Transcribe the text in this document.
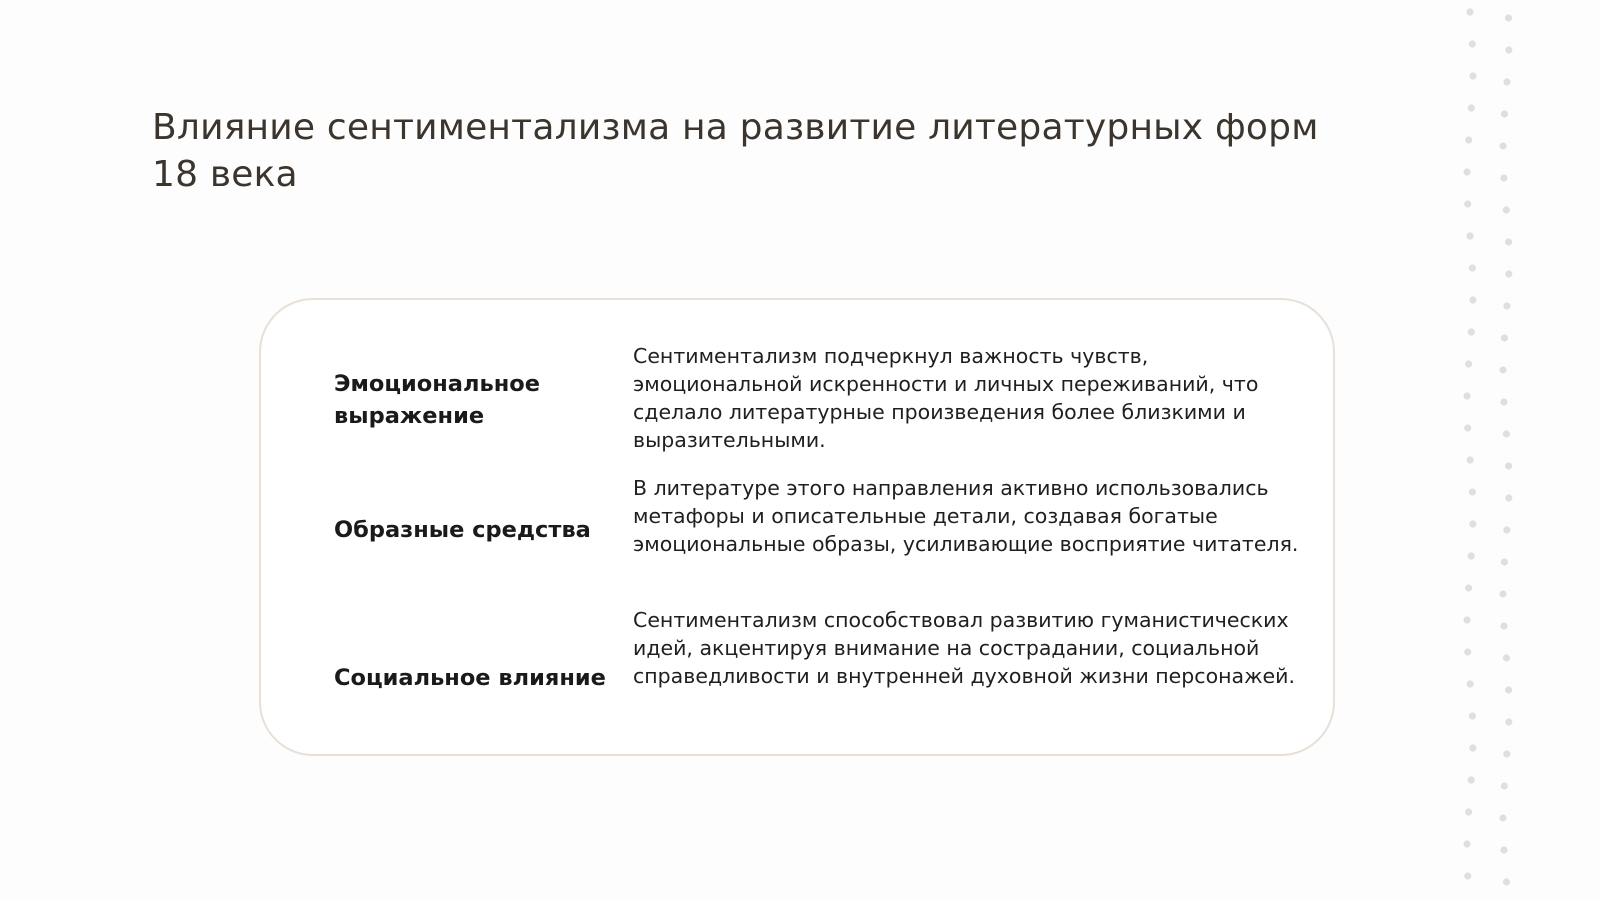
Влияние сентиментализма на развитие литературных форм 18 века

Эмоциональное выражение

Сентиментализм подчеркнул важность чувств, эмоциональной искренности и личных переживаний, что сделало литературные произведения более близкими и выразительными.

Образные средства

В литературе этого направления активно использовались метафоры и описательные детали, создавая богатые эмоциональные образы, усиливающие восприятие читателя.

Социальное влияние

Сентиментализм способствовал развитию гуманистических идей, акцентируя внимание на сострадании, социальной справедливости и внутренней духовной жизни персонажей.
